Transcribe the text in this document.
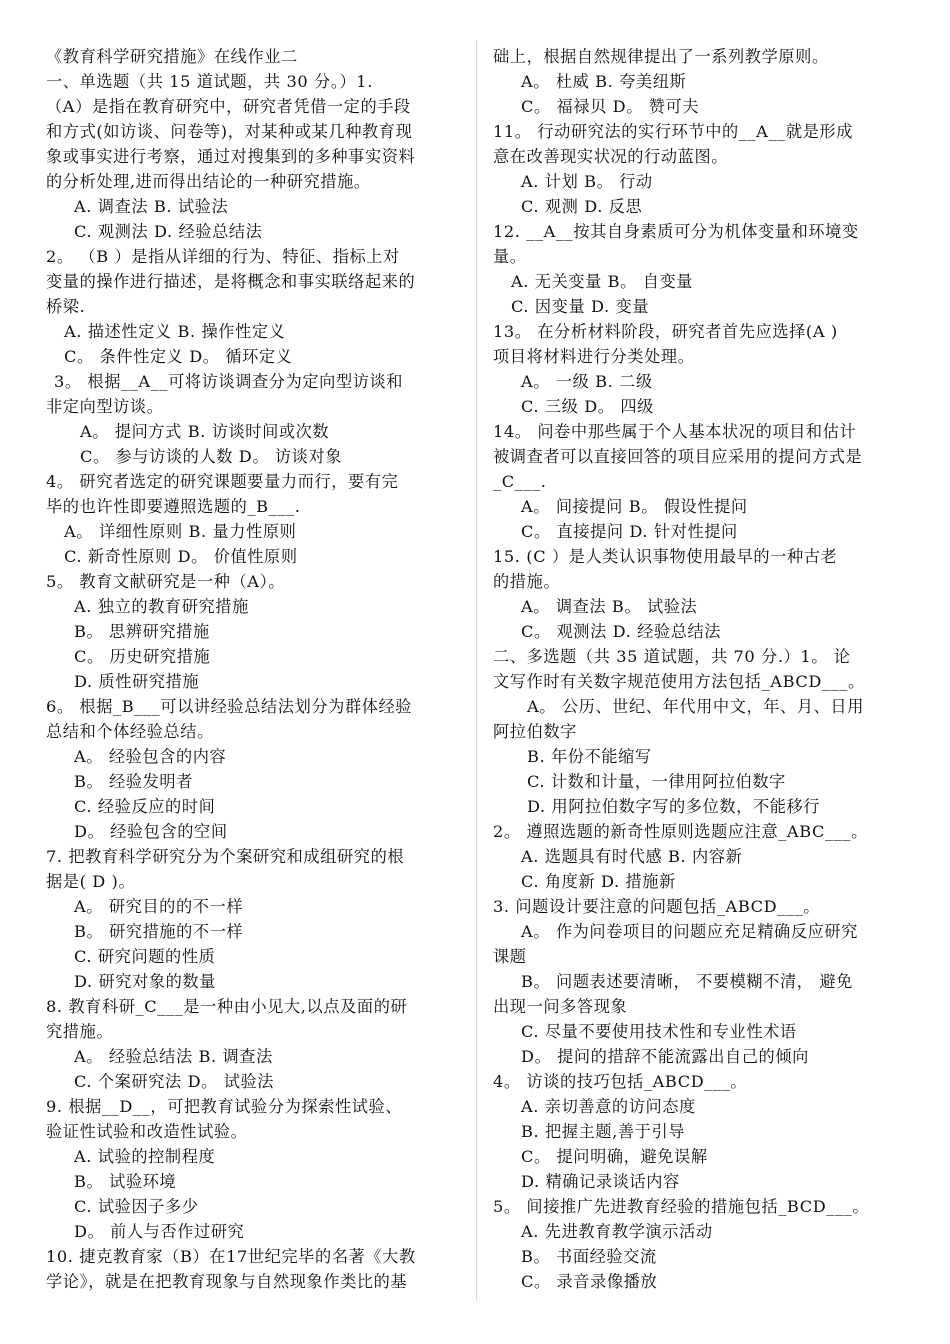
《教育科学研究措施》在线作业二
一、单选题（共 15 道试题，共 30 分。）1.
（A）是指在教育研究中，研究者凭借一定的手段
和方式(如访谈、问卷等)，对某种或某几种教育现
象或事实进行考察，通过对搜集到的多种事实资料
的分析处理,进而得出结论的一种研究措施。
A. 调查法 B. 试验法
C. 观测法 D. 经验总结法
2。 （B ）是指从详细的行为、特征、指标上对
变量的操作进行描述，是将概念和事实联络起来的
桥梁.
A. 描述性定义 B. 操作性定义
C。 条件性定义 D。 循环定义
3。 根据__A__可将访谈调查分为定向型访谈和
非定向型访谈。
A。 提问方式 B. 访谈时间或次数
C。 参与访谈的人数 D。 访谈对象
4。 研究者选定的研究课题要量力而行，要有完
毕的也许性即要遵照选题的_B___.
A。 详细性原则 B. 量力性原则
C. 新奇性原则 D。 价值性原则
5。 教育文献研究是一种（A）。
A. 独立的教育研究措施
B。 思辨研究措施
C。 历史研究措施
D. 质性研究措施
6。 根据_B___可以讲经验总结法划分为群体经验
总结和个体经验总结。
A。 经验包含的内容
B。 经验发明者
C. 经验反应的时间
D。 经验包含的空间
7. 把教育科学研究分为个案研究和成组研究的根
据是( D )。
A。 研究目的的不一样
B。 研究措施的不一样
C. 研究问题的性质
D. 研究对象的数量
8. 教育科研_C___是一种由小见大,以点及面的研
究措施。
A。 经验总结法 B. 调查法
C. 个案研究法 D。 试验法
9. 根据__D__，可把教育试验分为探索性试验、
验证性试验和改造性试验。
A. 试验的控制程度
B。 试验环境
C. 试验因子多少
D。 前人与否作过研究
10. 捷克教育家（B）在17世纪完毕的名著《大教
学论》，就是在把教育现象与自然现象作类比的基
础上，根据自然规律提出了一系列教学原则。
A。 杜威 B. 夸美纽斯
C。 福禄贝 D。 赞可夫
11。 行动研究法的实行环节中的__A__就是形成
意在改善现实状况的行动蓝图。
A. 计划 B。 行动
C. 观测 D. 反思
12. __A__按其自身素质可分为机体变量和环境变
量。
A. 无关变量 B。 自变量
C. 因变量 D. 变量
13。 在分析材料阶段，研究者首先应选择(A )
项目将材料进行分类处理。
A。 一级 B. 二级
C. 三级 D。 四级
14。 问卷中那些属于个人基本状况的项目和估计
被调查者可以直接回答的项目应采用的提问方式是
_C___.
A。 间接提问 B。 假设性提问
C。 直接提问 D. 针对性提问
15. (C ）是人类认识事物使用最早的一种古老
的措施。
A。 调查法 B。 试验法
C。 观测法 D. 经验总结法
二、多选题（共 35 道试题，共 70 分.）1。 论
文写作时有关数字规范使用方法包括_ABCD___。
A。 公历、世纪、年代用中文，年、月、日用
阿拉伯数字
B. 年份不能缩写
C. 计数和计量，一律用阿拉伯数字
D. 用阿拉伯数字写的多位数，不能移行
2。 遵照选题的新奇性原则选题应注意_ABC___。
A. 选题具有时代感 B. 内容新
C. 角度新 D. 措施新
3. 问题设计要注意的问题包括_ABCD___。
A。 作为问卷项目的问题应充足精确反应研究
课题
B。 问题表述要清晰， 不要模糊不清， 避免
出现一问多答现象
C. 尽量不要使用技术性和专业性术语
D。 提问的措辞不能流露出自己的倾向
4。 访谈的技巧包括_ABCD___。
A. 亲切善意的访问态度
B. 把握主题,善于引导
C。 提问明确，避免误解
D. 精确记录谈话内容
5。 间接推广先进教育经验的措施包括_BCD___。
A. 先进教育教学演示活动
B。 书面经验交流
C。 录音录像播放
